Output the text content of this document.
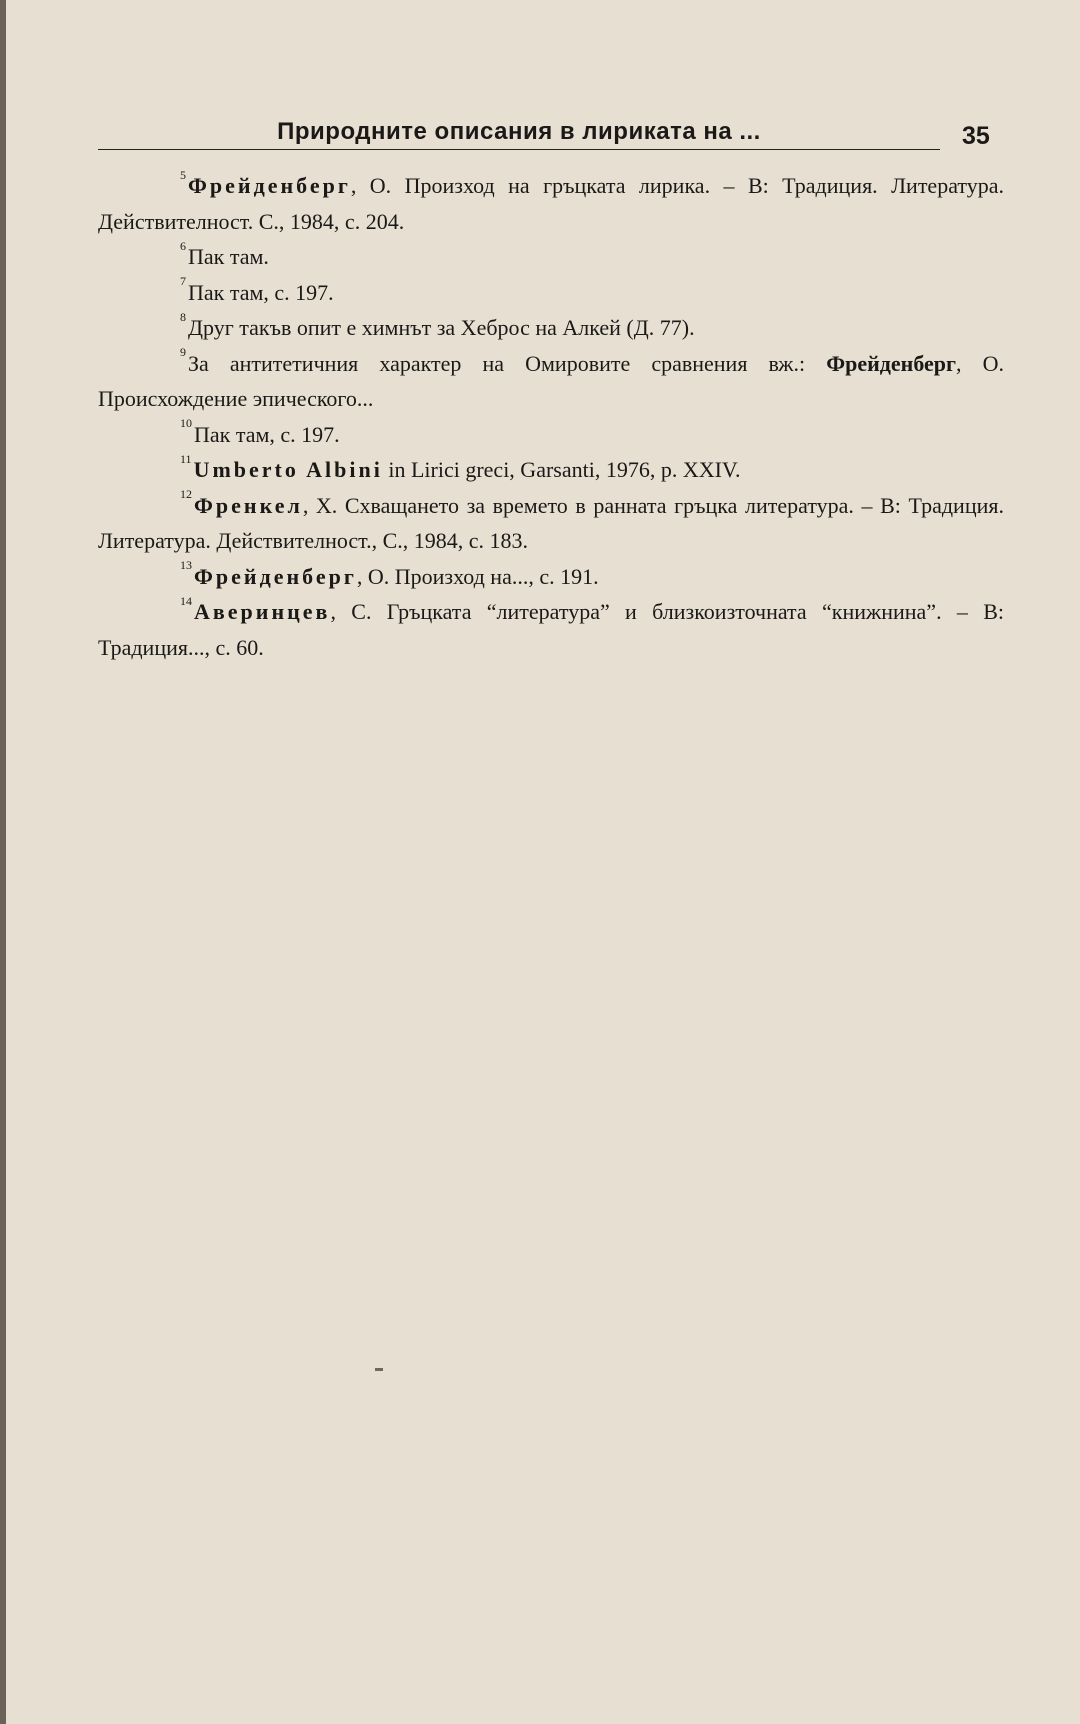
Природните описания в лириката на ...	35

$^5$Фрейденберг, О. Произход на гръцката лирика. – В: Традиция. Литература. Действителност. С., 1984, с. 204.

$^6$Пак там.

$^7$Пак там, с. 197.

$^8$Друг такъв опит е химнът за Хеброс на Алкей (Д. 77).

$^9$За антитетичния характер на Омировите сравнения вж.: Фрейденберг, О. Происхождение эпического...

$^{10}$Пак там, с. 197.

$^{11}$Umberto Albini in Lirici greci, Garsanti, 1976, p. XXIV.

$^{12}$Френкел, Х. Схващането за времето в ранната гръцка литература. – В: Традиция. Литература. Действителност., С., 1984, с. 183.

$^{13}$Фрейденберг, О. Произход на..., с. 191.

$^{14}$Аверинцев, С. Гръцката “литература” и близкоизточната “книжнина”. – В: Традиция..., с. 60.
